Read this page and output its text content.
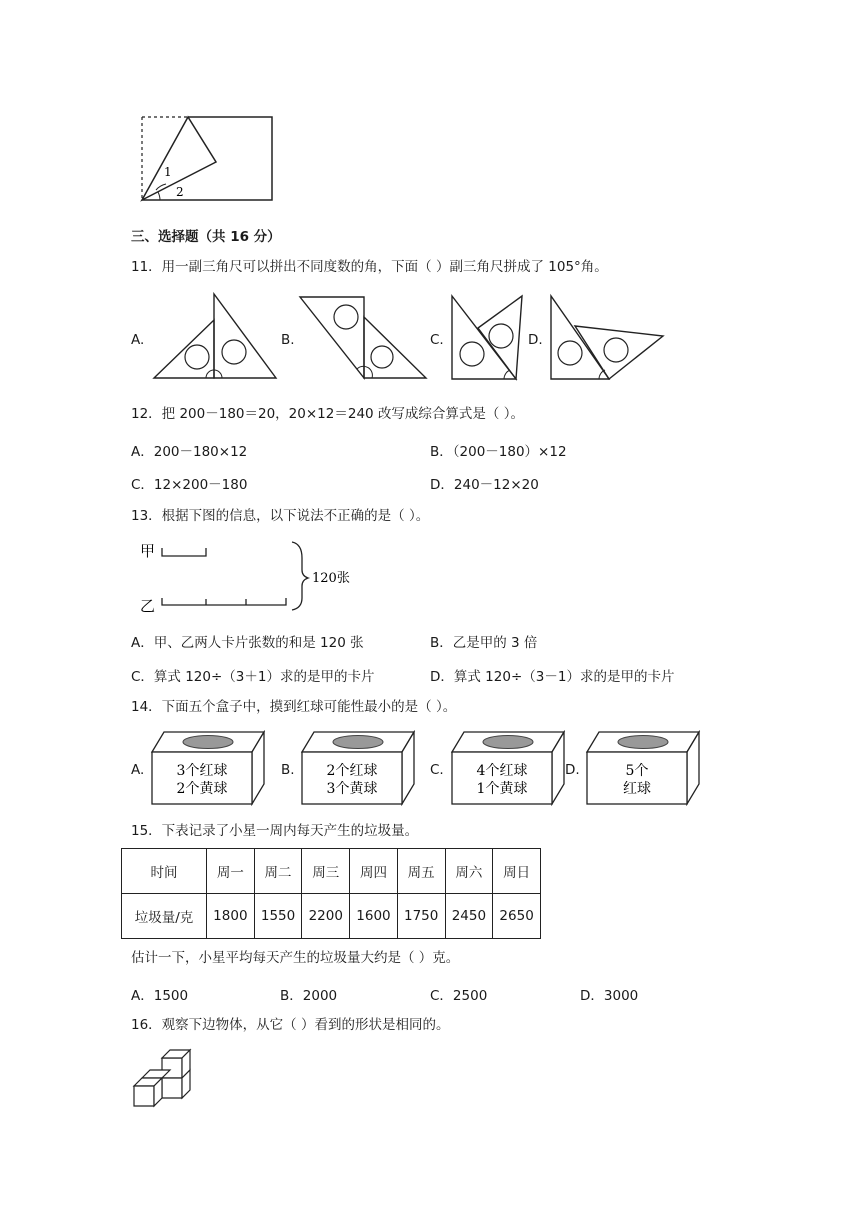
1
2
三、选择题（共 16 分）
11．用一副三角尺可以拼出不同度数的角，下面（ ）副三角尺拼成了 105°角。
A.	B.	C.	D.
12．把 200－180＝20，20×12＝240 改写成综合算式是（ ）。
A．200－180×12	B．（200－180）×12
C．12×200－180	D．240－12×20
13．根据下图的信息，以下说法不正确的是（ ）。
甲
乙
120张
A．甲、乙两人卡片张数的和是 120 张	B．乙是甲的 3 倍
C．算式 120÷（3＋1）求的是甲的卡片	D．算式 120÷（3－1）求的是甲的卡片
14．下面五个盒子中，摸到红球可能性最小的是（ ）。
A. 3个红球
2个黄球
B. 2个红球
3个黄球
C. 4个红球
1个黄球
D.	5个
红球
15．下表记录了小星一周内每天产生的垃圾量。
时间	周一	周二	周三	周四	周五	周六	周日
垃圾量/克	1800	1550	2200	1600	1750	2450	2650
估计一下，小星平均每天产生的垃圾量大约是（ ）克。
A．1500	B．2000	C．2500	D．3000
16．观察下边物体，从它（ ）看到的形状是相同的。
